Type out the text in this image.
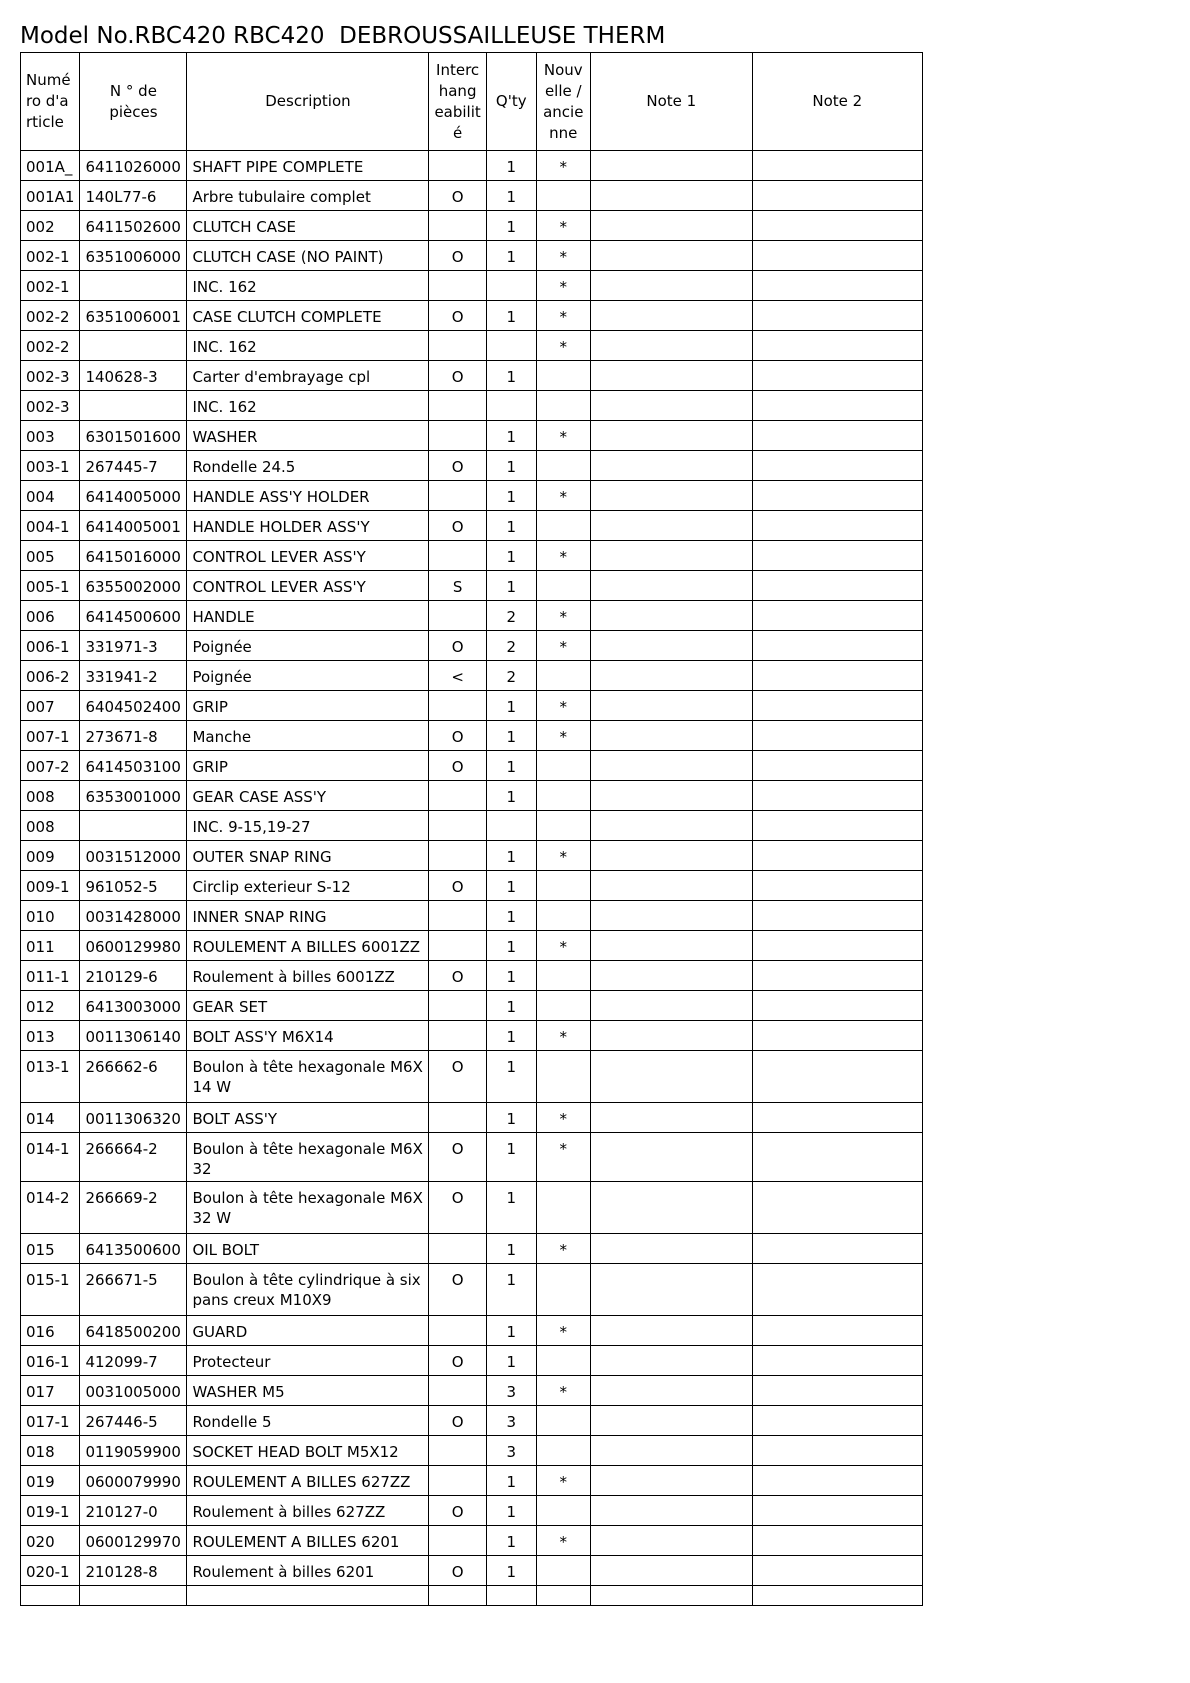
Model No.RBC420 RBC420  DEBROUSSAILLEUSE THERM
Numé ro d'a rticle	N ° de pièces	Description	Interc hang eabilit é	Q'ty	Nouv elle / ancie nne	Note 1	Note 2
001A_	6411026000	SHAFT PIPE COMPLETE		1	*		
001A1	140L77-6	Arbre tubulaire complet	O	1			
002	6411502600	CLUTCH CASE		1	*		
002-1	6351006000	CLUTCH CASE (NO PAINT)	O	1	*		
002-1		INC. 162			*		
002-2	6351006001	CASE CLUTCH COMPLETE	O	1	*		
002-2		INC. 162			*		
002-3	140628-3	Carter d'embrayage cpl	O	1			
002-3		INC. 162					
003	6301501600	WASHER		1	*		
003-1	267445-7	Rondelle 24.5	O	1			
004	6414005000	HANDLE ASS'Y HOLDER		1	*		
004-1	6414005001	HANDLE HOLDER ASS'Y	O	1			
005	6415016000	CONTROL LEVER ASS'Y		1	*		
005-1	6355002000	CONTROL LEVER ASS'Y	S	1			
006	6414500600	HANDLE		2	*		
006-1	331971-3	Poignée	O	2	*		
006-2	331941-2	Poignée	<	2			
007	6404502400	GRIP		1	*		
007-1	273671-8	Manche	O	1	*		
007-2	6414503100	GRIP	O	1			
008	6353001000	GEAR CASE ASS'Y		1			
008		INC. 9-15,19-27					
009	0031512000	OUTER SNAP RING		1	*		
009-1	961052-5	Circlip exterieur S-12	O	1			
010	0031428000	INNER SNAP RING		1			
011	0600129980	ROULEMENT A BILLES 6001ZZ		1	*		
011-1	210129-6	Roulement à billes 6001ZZ	O	1			
012	6413003000	GEAR SET		1			
013	0011306140	BOLT ASS'Y M6X14		1	*		
013-1	266662-6	Boulon à tête hexagonale M6X14 W	O	1			
014	0011306320	BOLT ASS'Y		1	*		
014-1	266664-2	Boulon à tête hexagonale M6X32	O	1	*		
014-2	266669-2	Boulon à tête hexagonale M6X32 W	O	1			
015	6413500600	OIL BOLT		1	*		
015-1	266671-5	Boulon à tête cylindrique à six pans creux M10X9	O	1			
016	6418500200	GUARD		1	*		
016-1	412099-7	Protecteur	O	1			
017	0031005000	WASHER M5		3	*		
017-1	267446-5	Rondelle 5	O	3			
018	0119059900	SOCKET HEAD BOLT M5X12		3			
019	0600079990	ROULEMENT A BILLES 627ZZ		1	*		
019-1	210127-0	Roulement à billes 627ZZ	O	1			
020	0600129970	ROULEMENT A BILLES 6201		1	*		
020-1	210128-8	Roulement à billes 6201	O	1			
